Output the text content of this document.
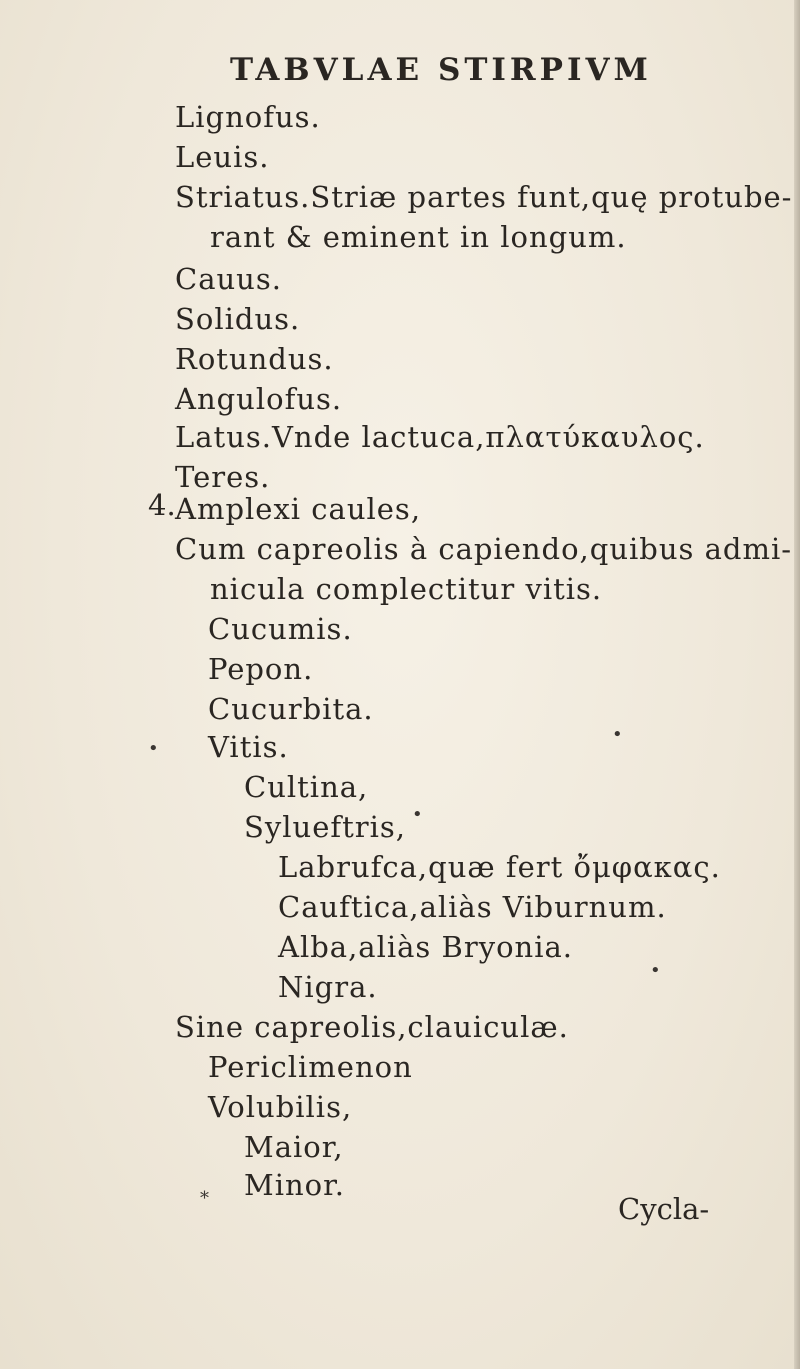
TABVLAE STIRPIVM
4.
Lignofus.
Leuis.
Striatus.Striæ partes funt,quę protube-
rant & eminent in longum.
Cauus.
Solidus.
Rotundus.
Angulofus.
Latus.Vnde lactuca,πλατύκαυλος.
Teres.
Amplexi caules,
Cum capreolis à capiendo,quibus admi-
nicula complectitur vitis.
Cucumis.
Pepon.
Cucurbita.
Vitis.
Cultina,
Sylueftris,
Labrufca,quæ fert ὄμφακας.
Cauftica,aliàs Viburnum.
Alba,aliàs Bryonia.
Nigra.
Sine capreolis,clauiculæ.
Periclimenon
Volubilis,
Maior,
Minor.
•
•
•
•
*	Cycla-
